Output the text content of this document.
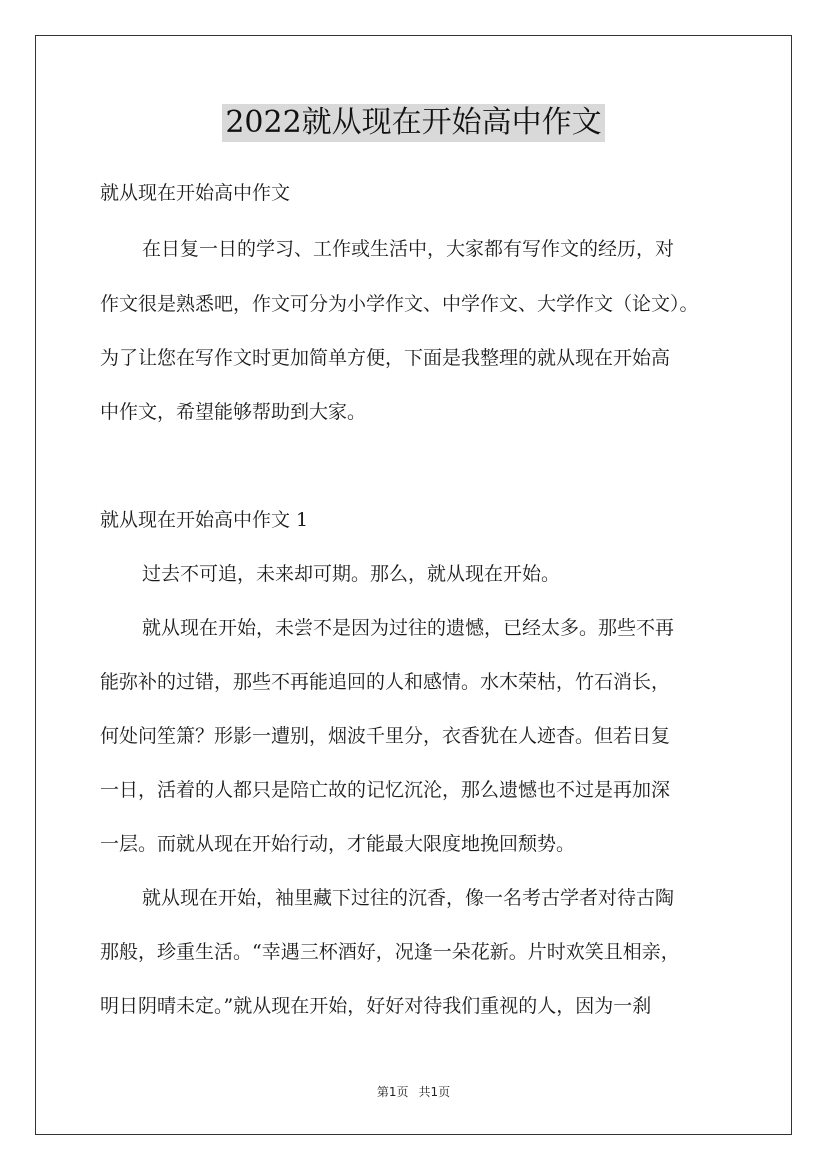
2022就从现在开始高中作文
就从现在开始高中作文
在日复一日的学习、工作或生活中，大家都有写作文的经历，对
作文很是熟悉吧，作文可分为小学作文、中学作文、大学作文（论文）。
为了让您在写作文时更加简单方便，下面是我整理的就从现在开始高
中作文，希望能够帮助到大家。
就从现在开始高中作文 1
过去不可追，未来却可期。那么，就从现在开始。
就从现在开始，未尝不是因为过往的遗憾，已经太多。那些不再
能弥补的过错，那些不再能追回的人和感情。水木荣枯，竹石消长，
何处问笙箫？形影一遭别，烟波千里分，衣香犹在人迹杳。但若日复
一日，活着的人都只是陪亡故的记忆沉沦，那么遗憾也不过是再加深
一层。而就从现在开始行动，才能最大限度地挽回颓势。
就从现在开始，袖里藏下过往的沉香，像一名考古学者对待古陶
那般，珍重生活。“幸遇三杯酒好，况逢一朵花新。片时欢笑且相亲，
明日阴晴未定。”就从现在开始，好好对待我们重视的人，因为一刹
第1页 共1页
